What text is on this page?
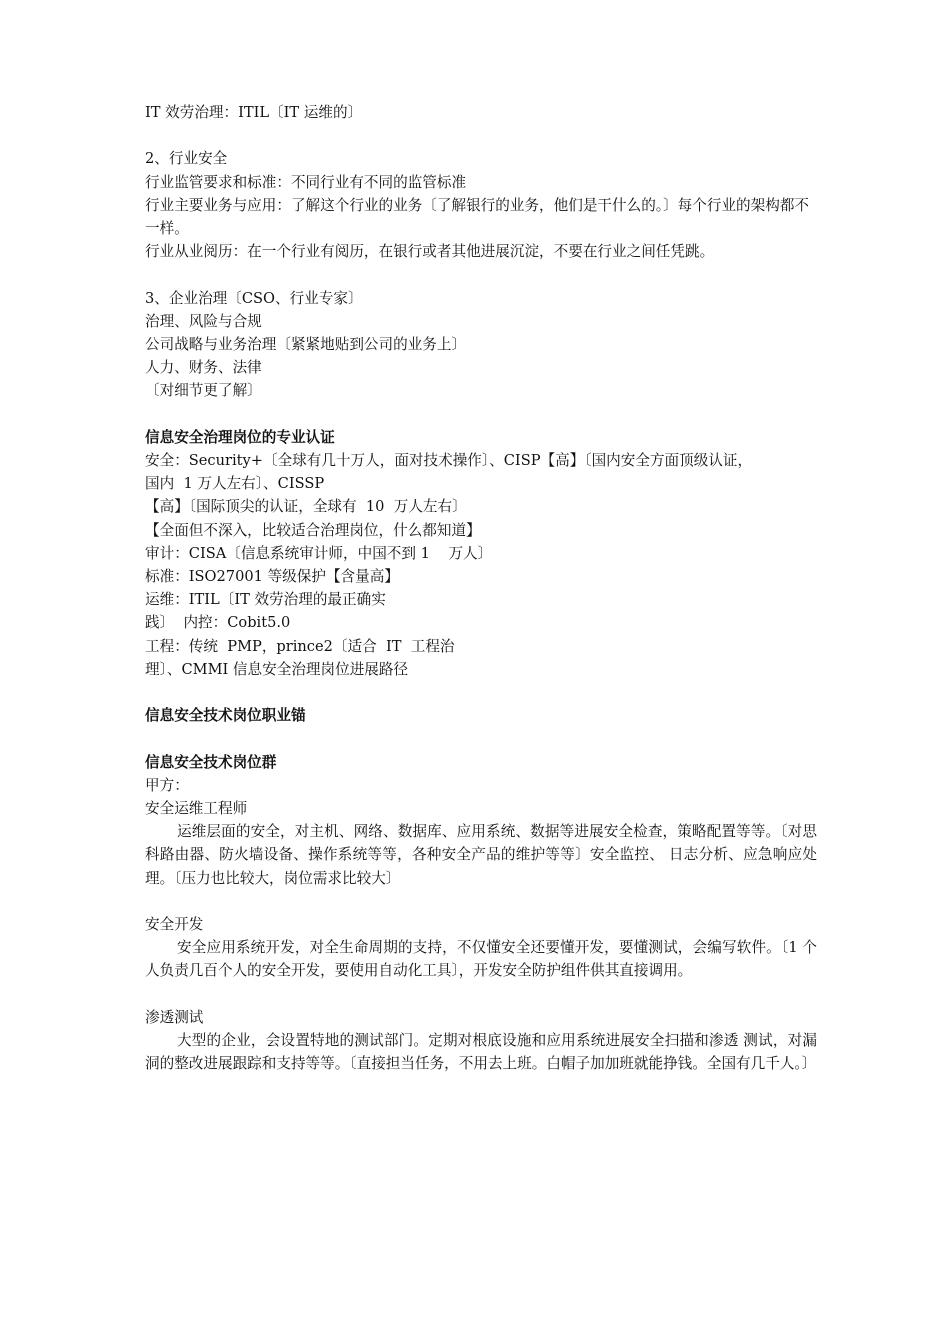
IT 效劳治理：ITIL〔IT 运维的〕

2、行业安全

行业监管要求和标准：不同行业有不同的监管标准

行业主要业务与应用：了解这个行业的业务〔了解银行的业务，他们是干什么的。〕每个行业的架构都不一样。

行业从业阅历：在一个行业有阅历，在银行或者其他进展沉淀，不要在行业之间任凭跳。

3、企业治理〔CSO、行业专家〕

治理、风险与合规

公司战略与业务治理〔紧紧地贴到公司的业务上〕

人力、财务、法律

〔对细节更了解〕

信息安全治理岗位的专业认证

安全：Security+〔全球有几十万人，面对技术操作〕、CISP【高】〔国内安全方面顶级认证，

国内  1 万人左右〕、CISSP

【高】〔国际顶尖的认证，全球有  10  万人左右〕

【全面但不深入，比较适合治理岗位，什么都知道】

审计：CISA〔信息系统审计师，中国不到 1    万人〕

标准：ISO27001 等级保护【含量高】

运维：ITIL〔IT 效劳治理的最正确实

践〕  内控：Cobit5.0

工程：传统  PMP，prince2〔适合  IT  工程治

理〕、CMMI 信息安全治理岗位进展路径

信息安全技术岗位职业锚

信息安全技术岗位群

甲方：

安全运维工程师

运维层面的安全，对主机、网络、数据库、应用系统、数据等进展安全检查，策略配置等等。〔对思科路由器、防火墙设备、操作系统等等，各种安全产品的维护等等〕安全监控、 日志分析、应急响应处理。〔压力也比较大，岗位需求比较大〕

安全开发

安全应用系统开发，对全生命周期的支持，不仅懂安全还要懂开发，要懂测试，会编写软件。〔1 个人负责几百个人的安全开发，要使用自动化工具〕，开发安全防护组件供其直接调用。

渗透测试

大型的企业，会设置特地的测试部门。定期对根底设施和应用系统进展安全扫描和渗透 测试，对漏洞的整改进展跟踪和支持等等。〔直接担当任务，不用去上班。白帽子加加班就能挣钱。全国有几千人。〕
